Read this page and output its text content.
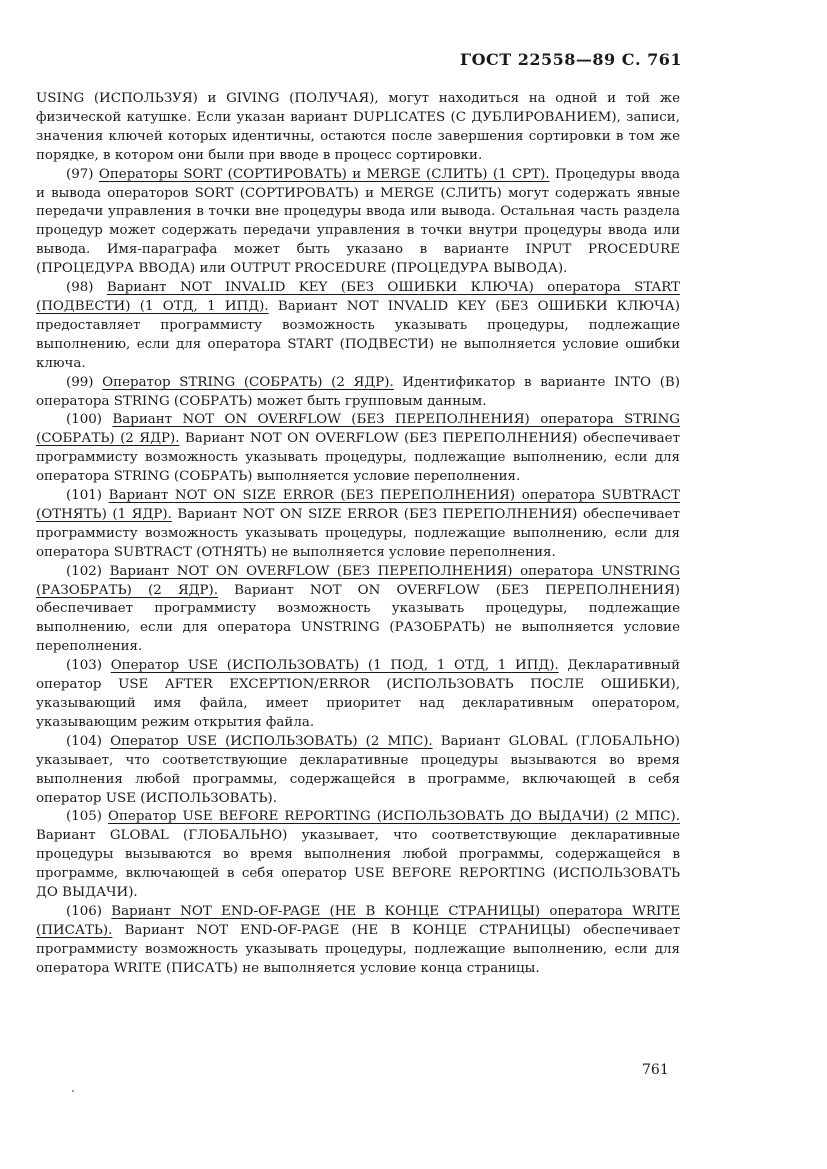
ГОСТ 22558—89 С. 761

USING (ИСПОЛЬЗУЯ) и GIVING (ПОЛУЧАЯ), могут находиться на одной и той же физической катушке. Если указан вариант DUPLICATES (С ДУБЛИРОВАНИЕМ), записи, значения ключей которых идентичны, остаются после завершения сортировки в том же порядке, в котором они были при вводе в процесс сортировки.

(97) Операторы SORT (СОРТИРОВАТЬ) и MERGE (СЛИТЬ) (1 СРТ). Процедуры ввода и вывода операторов SORT (СОРТИРОВАТЬ) и MERGE (СЛИТЬ) могут содержать явные передачи управления в точки вне процедуры ввода или вывода. Остальная часть раздела процедур может содержать передачи управления в точки внутри процедуры ввода или вывода. Имя-параграфа может быть указано в варианте INPUT PROCEDURE (ПРОЦЕДУРА ВВОДА) или OUTPUT PROCEDURE (ПРОЦЕДУРА ВЫВОДА).

(98) Вариант NOT INVALID KEY (БЕЗ ОШИБКИ КЛЮЧА) оператора START (ПОДВЕСТИ) (1 ОТД, 1 ИПД). Вариант NOT INVALID KEY (БЕЗ ОШИБКИ КЛЮЧА) предоставляет программисту возможность указывать процедуры, подлежащие выполнению, если для оператора START (ПОДВЕСТИ) не выполняется условие ошибки ключа.

(99) Оператор STRING (СОБРАТЬ) (2 ЯДР). Идентификатор в варианте INTO (В) оператора STRING (СОБРАТЬ) может быть групповым данным.

(100) Вариант NOT ON OVERFLOW (БЕЗ ПЕРЕПОЛНЕНИЯ) оператора STRING (СОБРАТЬ) (2 ЯДР). Вариант NOT ON OVERFLOW (БЕЗ ПЕРЕПОЛНЕНИЯ) обеспечивает программисту возможность указывать процедуры, подлежащие выполнению, если для оператора STRING (СОБРАТЬ) выполняется условие переполнения.

(101) Вариант NOT ON SIZE ERROR (БЕЗ ПЕРЕПОЛНЕНИЯ) оператора SUBTRACT (ОТНЯТЬ) (1 ЯДР). Вариант NOT ON SIZE ERROR (БЕЗ ПЕРЕПОЛНЕНИЯ) обеспечивает программисту возможность указывать процедуры, подлежащие выполнению, если для оператора SUBTRACT (ОТНЯТЬ) не выполняется условие переполнения.

(102) Вариант NOT ON OVERFLOW (БЕЗ ПЕРЕПОЛНЕНИЯ) оператора UNSTRING (РАЗОБРАТЬ) (2 ЯДР). Вариант NOT ON OVERFLOW (БЕЗ ПЕРЕПОЛНЕНИЯ) обеспечивает программисту возможность указывать процедуры, подлежащие выполнению, если для оператора UNSTRING (РАЗОБРАТЬ) не выполняется условие переполнения.

(103) Оператор USE (ИСПОЛЬЗОВАТЬ) (1 ПОД, 1 ОТД, 1 ИПД). Декларативный оператор USE AFTER EXCEPTION/ERROR (ИСПОЛЬЗОВАТЬ ПОСЛЕ ОШИБКИ), указывающий имя файла, имеет приоритет над декларативным оператором, указывающим режим открытия файла.

(104) Оператор USE (ИСПОЛЬЗОВАТЬ) (2 МПС). Вариант GLOBAL (ГЛОБАЛЬНО) указывает, что соответствующие декларативные процедуры вызываются во время выполнения любой программы, содержащейся в программе, включающей в себя оператор USE (ИСПОЛЬЗОВАТЬ).

(105) Оператор USE BEFORE REPORTING (ИСПОЛЬЗОВАТЬ ДО ВЫДАЧИ) (2 МПС). Вариант GLOBAL (ГЛОБАЛЬНО) указывает, что соответствующие декларативные процедуры вызываются во время выполнения любой программы, содержащейся в программе, включающей в себя оператор USE BEFORE REPORTING (ИСПОЛЬЗОВАТЬ ДО ВЫДАЧИ).

(106) Вариант NOT END-OF-PAGE (НЕ В КОНЦЕ СТРАНИЦЫ) оператора WRITE (ПИСАТЬ). Вариант NOT END-OF-PAGE (НЕ В КОНЦЕ СТРАНИЦЫ) обеспечивает программисту возможность указывать процедуры, подлежащие выполнению, если для оператора WRITE (ПИСАТЬ) не выполняется условие конца страницы.

761
